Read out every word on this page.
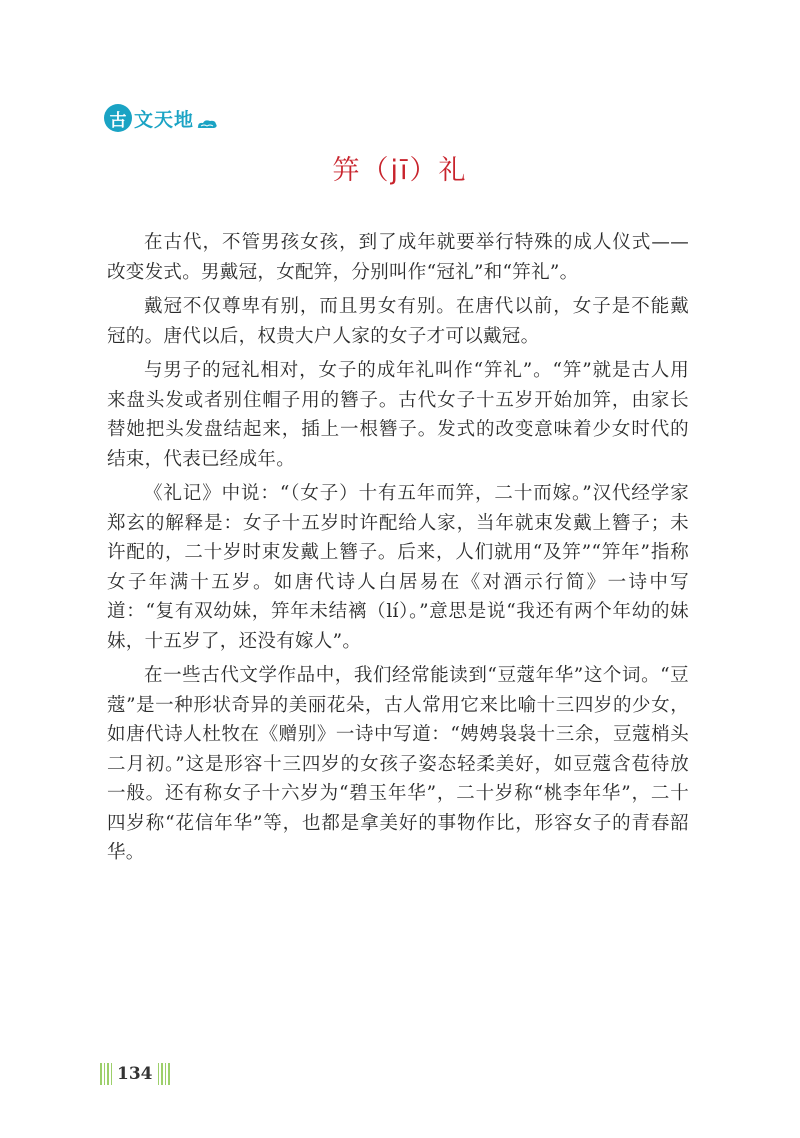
古 文天地
笄（jī）礼

在古代，不管男孩女孩，到了成年就要举行特殊的成人仪式——改变发式。男戴冠，女配笄，分别叫作“冠礼”和“笄礼”。

戴冠不仅尊卑有别，而且男女有别。在唐代以前，女子是不能戴冠的。唐代以后，权贵大户人家的女子才可以戴冠。

与男子的冠礼相对，女子的成年礼叫作“笄礼”。“笄”就是古人用来盘头发或者别住帽子用的簪子。古代女子十五岁开始加笄，由家长替她把头发盘结起来，插上一根簪子。发式的改变意味着少女时代的结束，代表已经成年。

《礼记》中说：“（女子）十有五年而笄，二十而嫁。”汉代经学家郑玄的解释是：女子十五岁时许配给人家，当年就束发戴上簪子；未许配的，二十岁时束发戴上簪子。后来，人们就用“及笄”“笄年”指称女子年满十五岁。如唐代诗人白居易在《对酒示行简》一诗中写道：“复有双幼妹，笄年未结褵（lí）。”意思是说“我还有两个年幼的妹妹，十五岁了，还没有嫁人”。

在一些古代文学作品中，我们经常能读到“豆蔻年华”这个词。“豆蔻”是一种形状奇异的美丽花朵，古人常用它来比喻十三四岁的少女，如唐代诗人杜牧在《赠别》一诗中写道：“娉娉袅袅十三余，豆蔻梢头二月初。”这是形容十三四岁的女孩子姿态轻柔美好，如豆蔻含苞待放一般。还有称女子十六岁为“碧玉年华”，二十岁称“桃李年华”，二十四岁称“花信年华”等，也都是拿美好的事物作比，形容女子的青春韶华。

134
